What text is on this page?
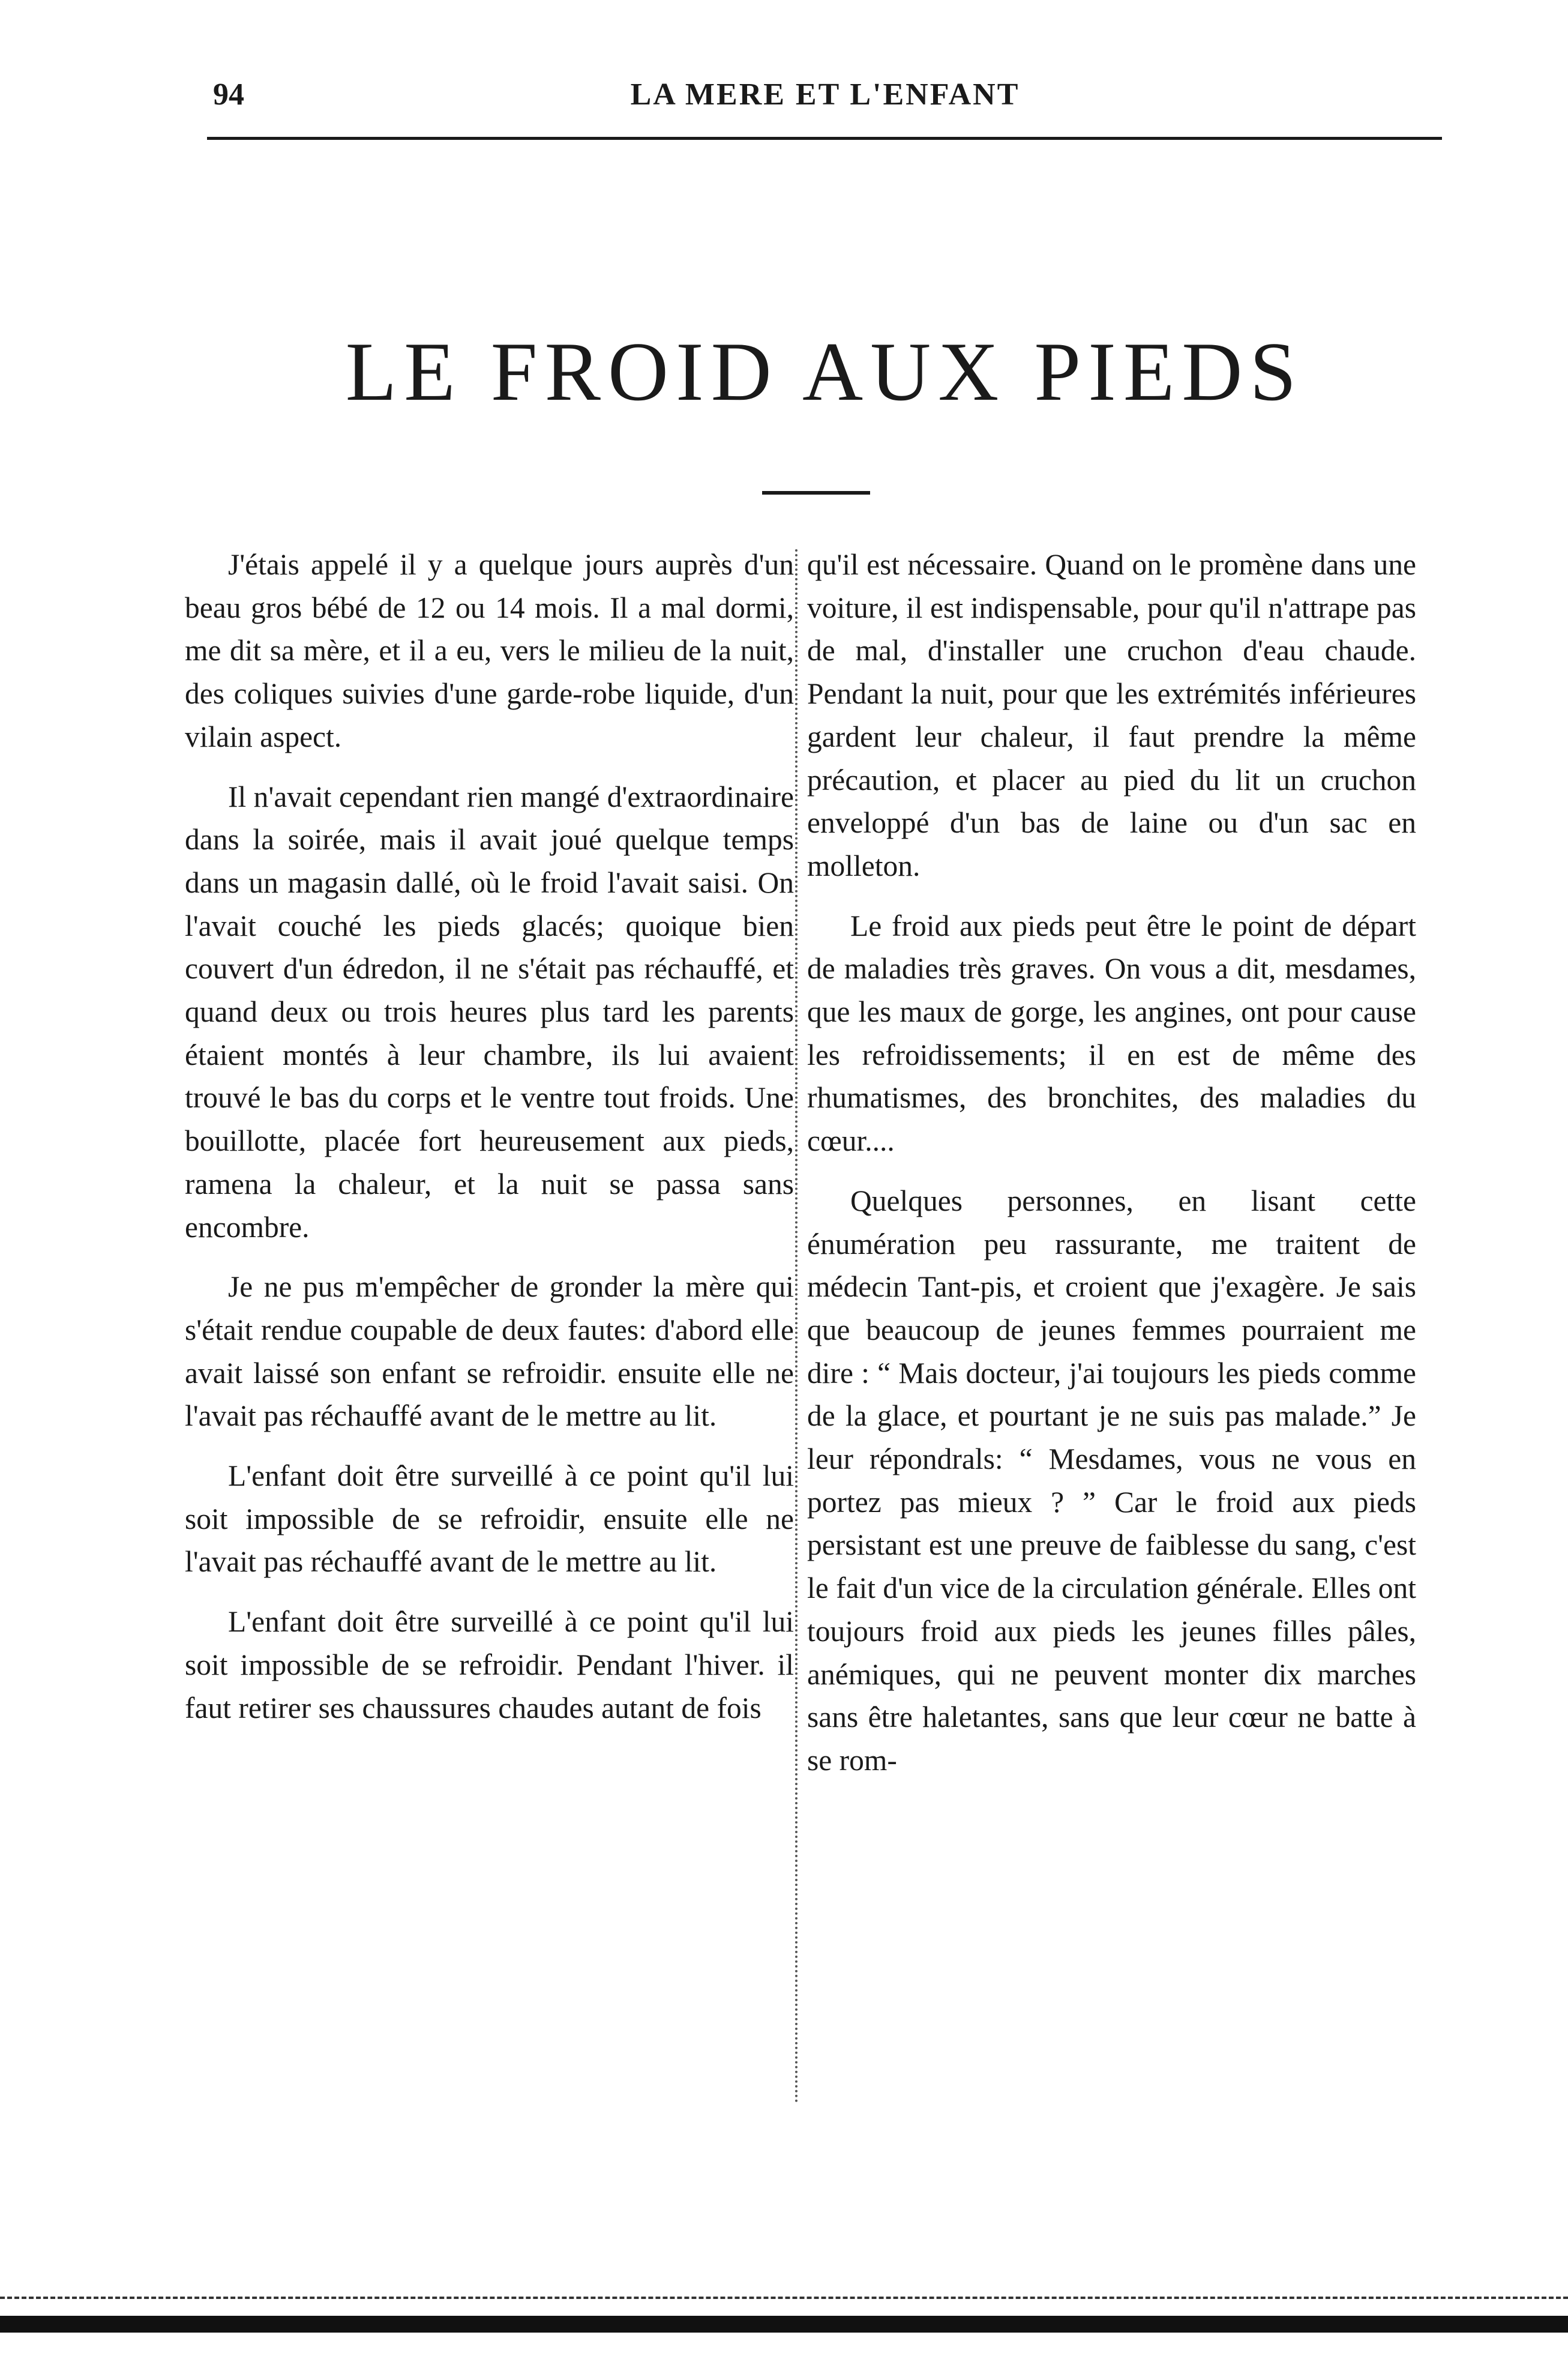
94	LA MERE ET L'ENFANT
LE FROID AUX PIEDS

J'étais appelé il y a quelque jours auprès d'un beau gros bébé de 12 ou 14 mois. Il a mal dormi, me dit sa mère, et il a eu, vers le milieu de la nuit, des coliques suivies d'une garde-robe liquide, d'un vilain aspect.

Il n'avait cependant rien mangé d'extraordinaire dans la soirée, mais il avait joué quelque temps dans un magasin dallé, où le froid l'avait saisi. On l'avait couché les pieds glacés; quoique bien couvert d'un édredon, il ne s'était pas réchauffé, et quand deux ou trois heures plus tard les parents étaient montés à leur chambre, ils lui avaient trouvé le bas du corps et le ventre tout froids. Une bouillotte, placée fort heureusement aux pieds, ramena la chaleur, et la nuit se passa sans encombre.

Je ne pus m'empêcher de gronder la mère qui s'était rendue coupable de deux fautes: d'abord elle avait laissé son enfant se refroidir. ensuite elle ne l'avait pas réchauffé avant de le mettre au lit.

L'enfant doit être surveillé à ce point qu'il lui soit impossible de se refroidir, ensuite elle ne l'avait pas réchauffé avant de le mettre au lit.

L'enfant doit être surveillé à ce point qu'il lui soit impossible de se refroidir. Pendant l'hiver. il faut retirer ses chaussures chaudes autant de fois

qu'il est nécessaire. Quand on le promène dans une voiture, il est indispensable, pour qu'il n'attrape pas de mal, d'installer une cruchon d'eau chaude. Pendant la nuit, pour que les extrémités inférieures gardent leur chaleur, il faut prendre la même précaution, et placer au pied du lit un cruchon enveloppé d'un bas de laine ou d'un sac en molleton.

Le froid aux pieds peut être le point de départ de maladies très graves. On vous a dit, mesdames, que les maux de gorge, les angines, ont pour cause les refroidissements; il en est de même des rhumatismes, des bronchites, des maladies du cœur....

Quelques personnes, en lisant cette énumération peu rassurante, me traitent de médecin Tant-pis, et croient que j'exagère. Je sais que beaucoup de jeunes femmes pourraient me dire : “ Mais docteur, j'ai toujours les pieds comme de la glace, et pourtant je ne suis pas malade.” Je leur répondrals: “ Mesdames, vous ne vous en portez pas mieux ? ” Car le froid aux pieds persistant est une preuve de faiblesse du sang, c'est le fait d'un vice de la circulation générale. Elles ont toujours froid aux pieds les jeunes filles pâles, anémiques, qui ne peuvent monter dix marches sans être haletantes, sans que leur cœur ne batte à se rom-
